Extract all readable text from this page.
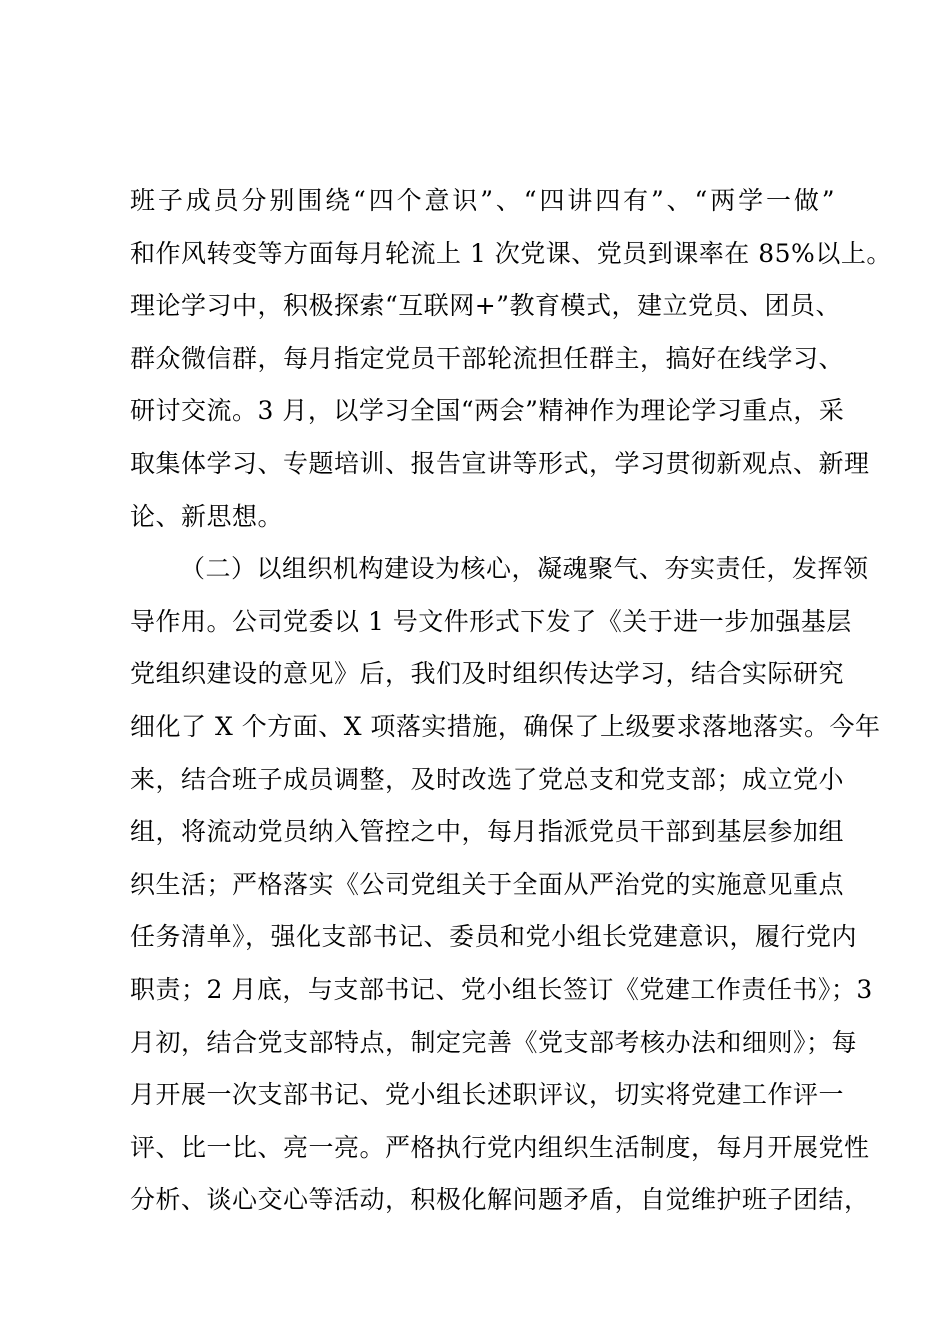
班子成员分别围绕“四个意识”、“四讲四有”、“两学一做”
和作风转变等方面每月轮流上 1 次党课、党员到课率在 85%以上。
理论学习中，积极探索“互联网+”教育模式，建立党员、团员、
群众微信群，每月指定党员干部轮流担任群主，搞好在线学习、
研讨交流。3 月，以学习全国“两会”精神作为理论学习重点，采
取集体学习、专题培训、报告宣讲等形式，学习贯彻新观点、新理
论、新思想。
（二）以组织机构建设为核心，凝魂聚气、夯实责任，发挥领
导作用。公司党委以 1 号文件形式下发了《关于进一步加强基层
党组织建设的意见》后，我们及时组织传达学习，结合实际研究
细化了 X 个方面、X 项落实措施，确保了上级要求落地落实。今年
来，结合班子成员调整，及时改选了党总支和党支部；成立党小
组，将流动党员纳入管控之中，每月指派党员干部到基层参加组
织生活；严格落实《公司党组关于全面从严治党的实施意见重点
任务清单》，强化支部书记、委员和党小组长党建意识，履行党内
职责；2 月底，与支部书记、党小组长签订《党建工作责任书》；3
月初，结合党支部特点，制定完善《党支部考核办法和细则》；每
月开展一次支部书记、党小组长述职评议，切实将党建工作评一
评、比一比、亮一亮。严格执行党内组织生活制度，每月开展党性
分析、谈心交心等活动，积极化解问题矛盾，自觉维护班子团结，
